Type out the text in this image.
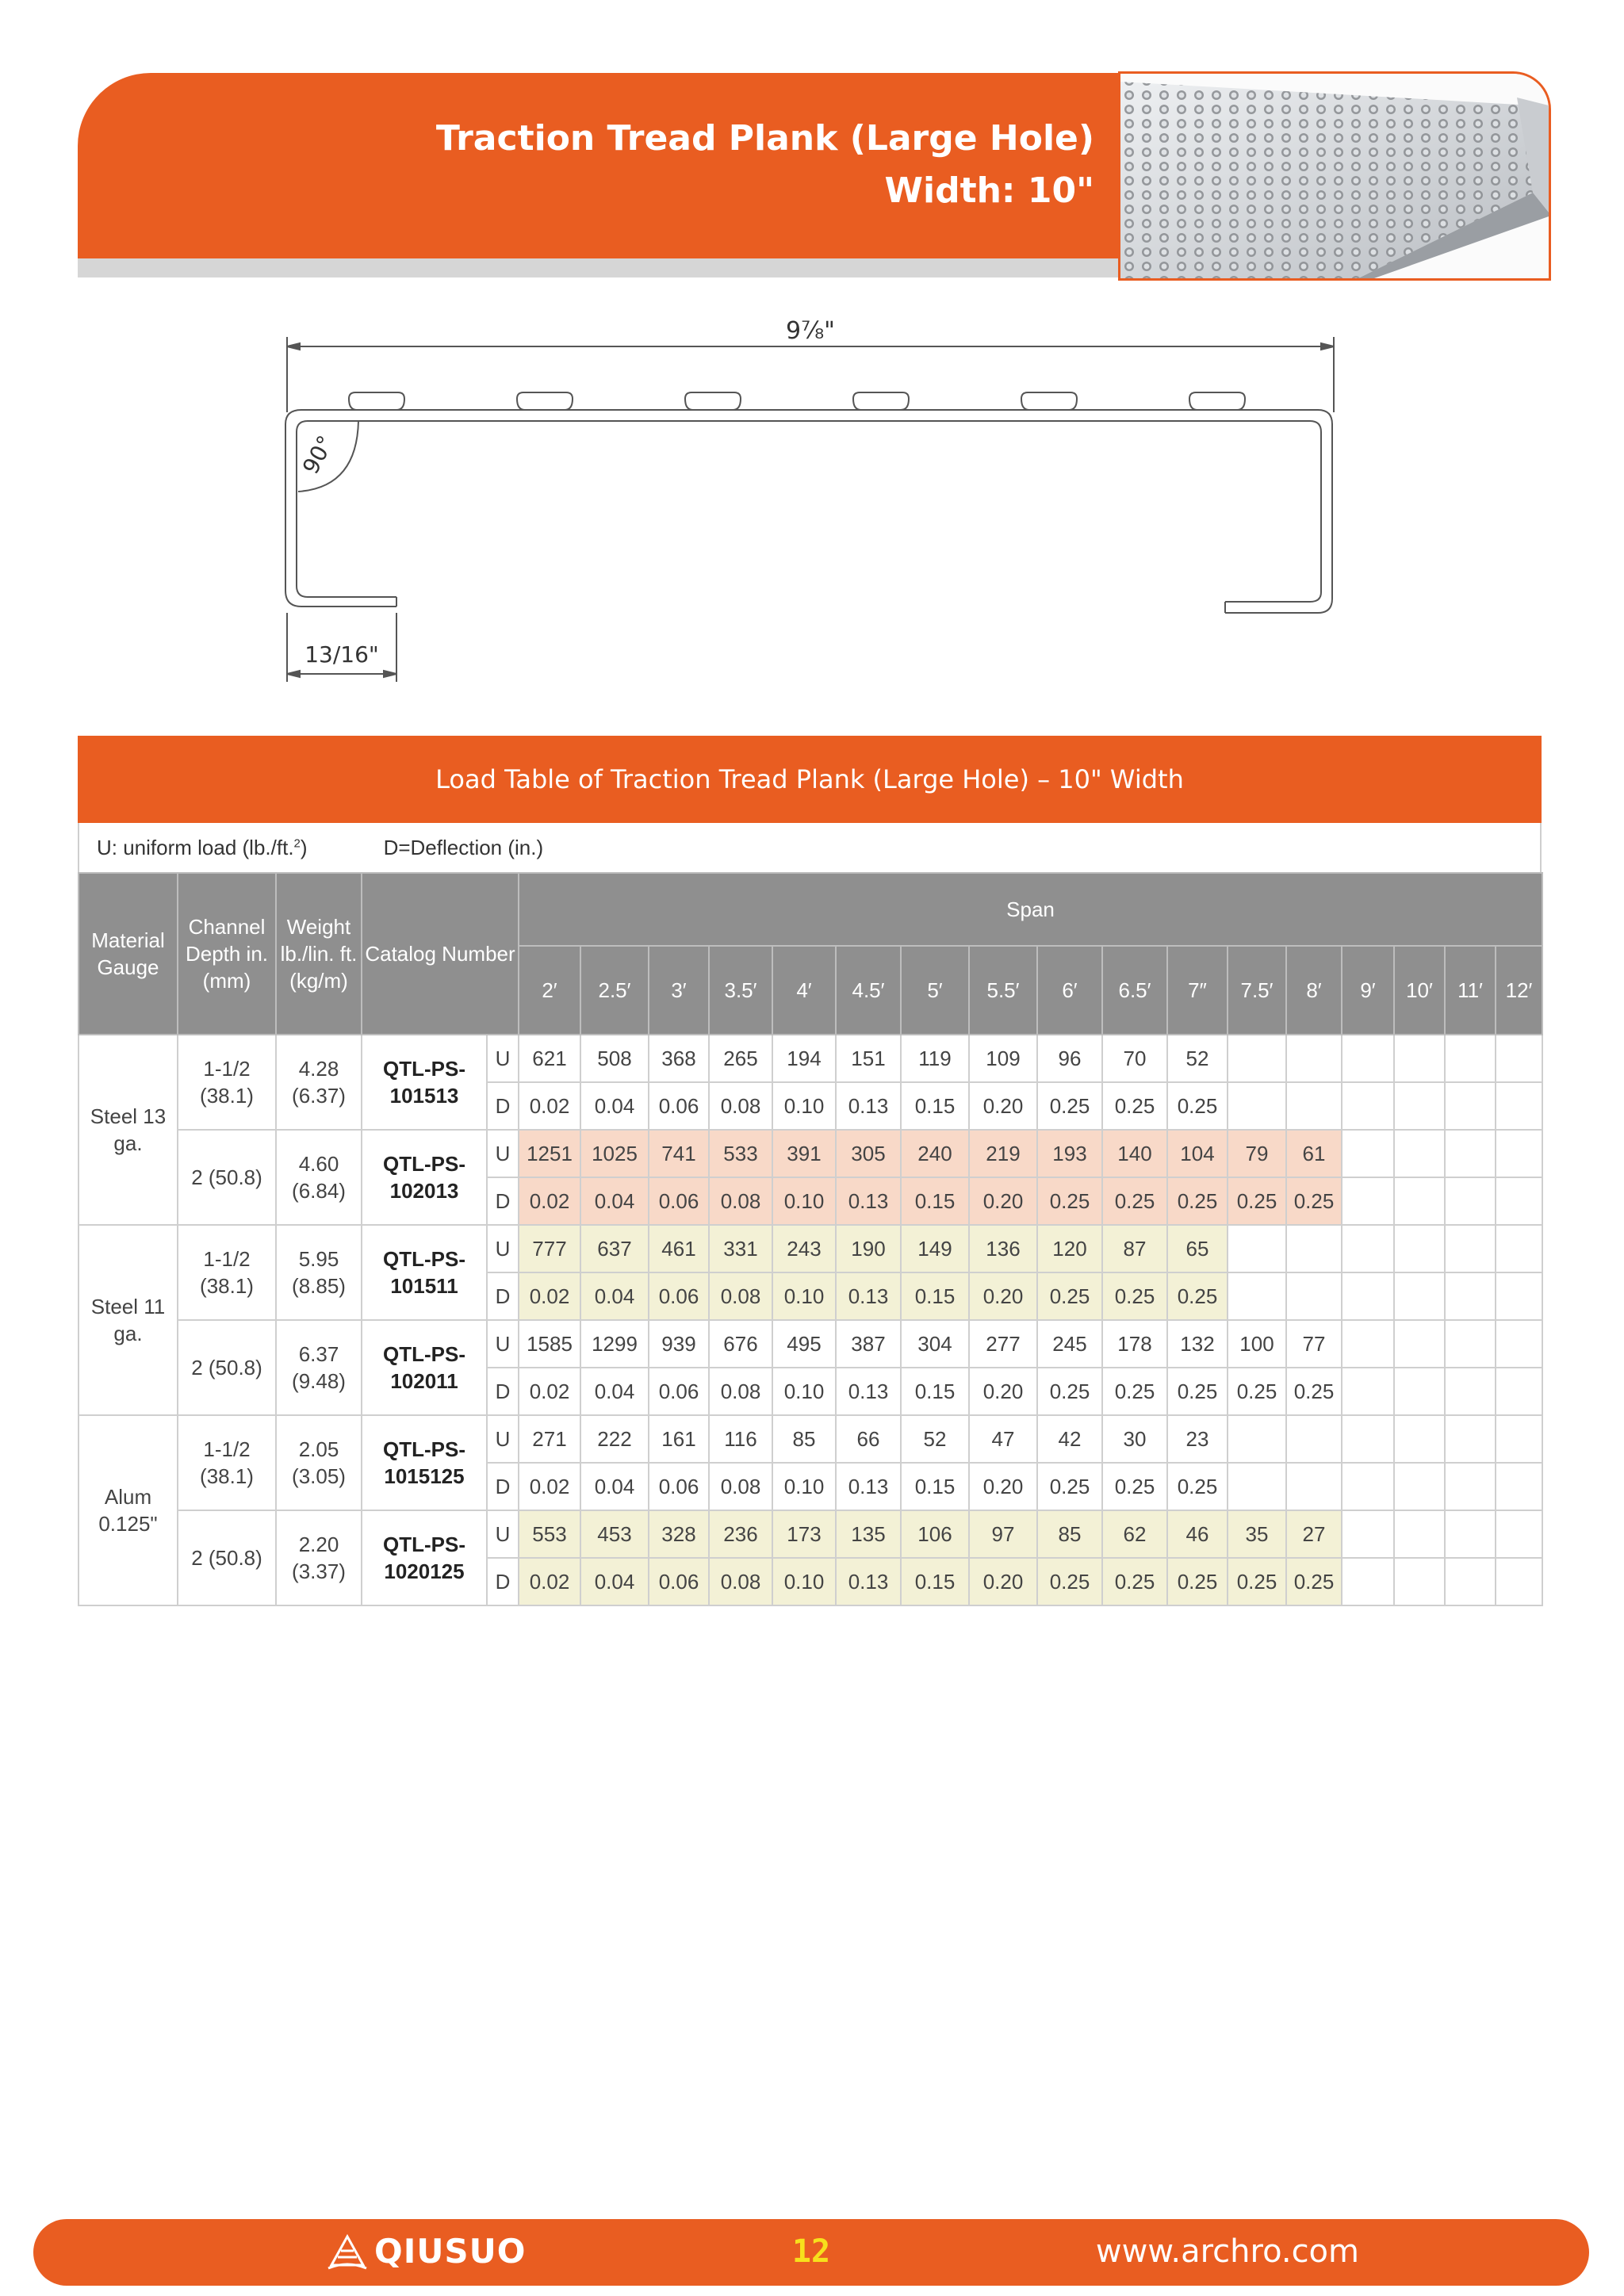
Traction Tread Plank (Large Hole)
Width: 10"
9⅞"
90°
13/16"
Load Table of Traction Tread Plank (Large Hole) – 10" Width
U: uniform load (lb./ft.$^2$)	D=Deflection (in.)
Material Gauge	Channel Depth in. (mm)	Weight lb./lin. ft. (kg/m)	Catalog Number		Span																
					2′	2.5′	3′	3.5′	4′	4.5′	5′	5.5′	6′	6.5′	7″	7.5′	8′	9′	10′	11′	12′
Steel 13 ga.	1-1/2 (38.1)	4.28 (6.37)	QTL-PS-101513	U	621	508	368	265	194	151	119	109	96	70	52						
				D	0.02	0.04	0.06	0.08	0.10	0.13	0.15	0.20	0.25	0.25	0.25						
	2 (50.8)	4.60 (6.84)	QTL-PS-102013	U	1251	1025	741	533	391	305	240	219	193	140	104	79	61				
				D	0.02	0.04	0.06	0.08	0.10	0.13	0.15	0.20	0.25	0.25	0.25	0.25	0.25				
Steel 11 ga.	1-1/2 (38.1)	5.95 (8.85)	QTL-PS-101511	U	777	637	461	331	243	190	149	136	120	87	65						
				D	0.02	0.04	0.06	0.08	0.10	0.13	0.15	0.20	0.25	0.25	0.25						
	2 (50.8)	6.37 (9.48)	QTL-PS-102011	U	1585	1299	939	676	495	387	304	277	245	178	132	100	77				
				D	0.02	0.04	0.06	0.08	0.10	0.13	0.15	0.20	0.25	0.25	0.25	0.25	0.25				
Alum 0.125"	1-1/2 (38.1)	2.05 (3.05)	QTL-PS-1015125	U	271	222	161	116	85	66	52	47	42	30	23						
				D	0.02	0.04	0.06	0.08	0.10	0.13	0.15	0.20	0.25	0.25	0.25						
	2 (50.8)	2.20 (3.37)	QTL-PS-1020125	U	553	453	328	236	173	135	106	97	85	62	46	35	27				
				D	0.02	0.04	0.06	0.08	0.10	0.13	0.15	0.20	0.25	0.25	0.25	0.25	0.25				
QIUSUO	12	www.archro.com
